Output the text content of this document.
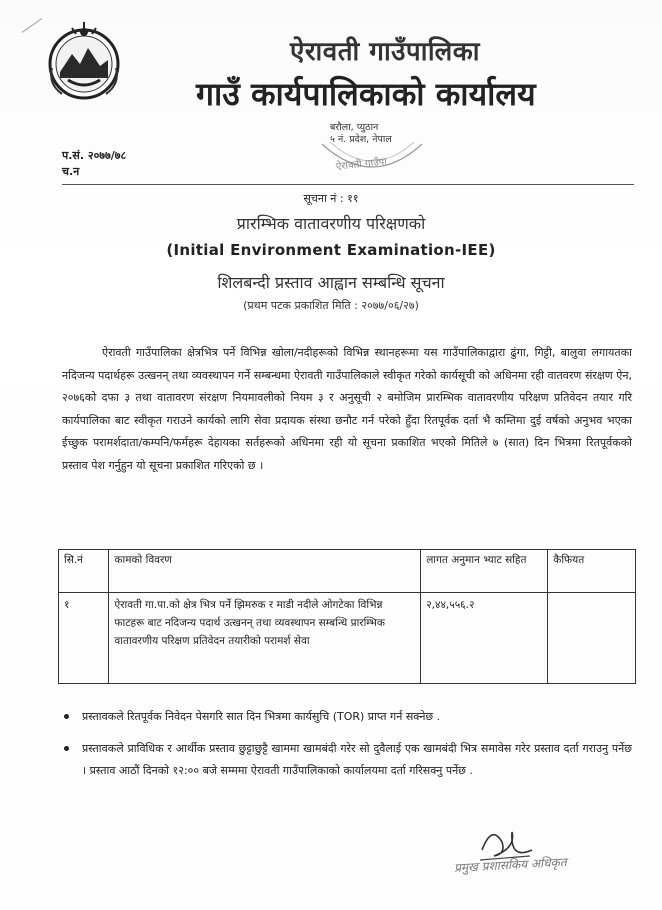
ऐरावती गाउँपालिका
गाउँ कार्यपालिकाको कार्यालय
बरौला, प्युठान
५ नं. प्रदेश, नेपाल
ऐरावती गाउँपा
प.सं. २०७७/७८
च.न
सूचना नं : ११
प्रारम्भिक वातावरणीय परिक्षणको
(Initial Environment Examination-IEE)
शिलबन्दी प्रस्ताव आह्वान सम्बन्धि सूचना
(प्रथम पटक प्रकाशित मिति : २०७७/०६/२७)
ऐरावती गाउँपालिका क्षेत्रभित्र पर्ने विभिन्न खोला/नदीहरूको विभिन्न स्थानहरूमा यस गाउँपालिकाद्वारा ढुंगा, गिट्टी, बालुवा लगायतका नदिजन्य पदार्थहरू उत्खनन् तथा व्यवस्थापन गर्ने सम्बन्धमा ऐरावती गाउँपालिकाले स्वीकृत गरेको कार्यसूची को अधिनमा रही वातवरण संरक्षण ऐन, २०७६को दफा ३ तथा वातावरण संरक्षण नियमावलीको नियम ३ र अनुसूची २ बमोजिम प्रारम्भिक वातावरणीय परिक्षण प्रतिवेदन तयार गरि कार्यपालिका बाट स्वीकृत गराउने कार्यको लागि सेवा प्रदायक संस्था छनौट गर्न परेको हुँदा रितपूर्वक दर्ता भै कम्तिमा दुई वर्षको अनुभव भएका ईच्छुक परामर्शदाता/कम्पनि/फर्महरू देहायका सर्तहरूको अधिनमा रही यो सूचना प्रकाशित भएको मितिले ७ (सात) दिन भित्रमा रितपूर्वकको प्रस्ताव पेश गर्नुहुन यो सूचना प्रकाशित गरिएको छ ।
सि.नं	कामको विवरण	लागत अनुमान भ्याट सहित	कैफियत
१	ऐरावती गा.पा.को क्षेत्र भित्र पर्ने झिमरुक र माडी नदीले ओगटेका विभिन्न फाटहरू बाट नदिजन्य पदार्थ उत्खनन् तथा व्यवस्थापन सम्बन्धि प्रारम्भिक वातावरणीय परिक्षण प्रतिवेदन तयारीको परामर्श सेवा	२,४४,५५६.२	
प्रस्तावकले रितपूर्वक निवेदन पेसगरि सात दिन भित्रमा कार्यसुचि (TOR) प्राप्त गर्न सक्नेछ .
प्रस्तावकले प्राविधिक र आर्थीक प्रस्ताव छुट्टाछुट्टै खाममा खामबंदी गरेर सो दुवैलाई एक खामबंदी भित्र समावेस गरेर प्रस्ताव दर्ता गराउनु पर्नेछ । प्रस्ताव आठौं दिनको १२:०० बजे सम्ममा ऐरावती गाउँपालिकाको कार्यालयमा दर्ता गरिसक्नु पर्नेछ .
प्रमुख प्रशासकिय अधिकृत
